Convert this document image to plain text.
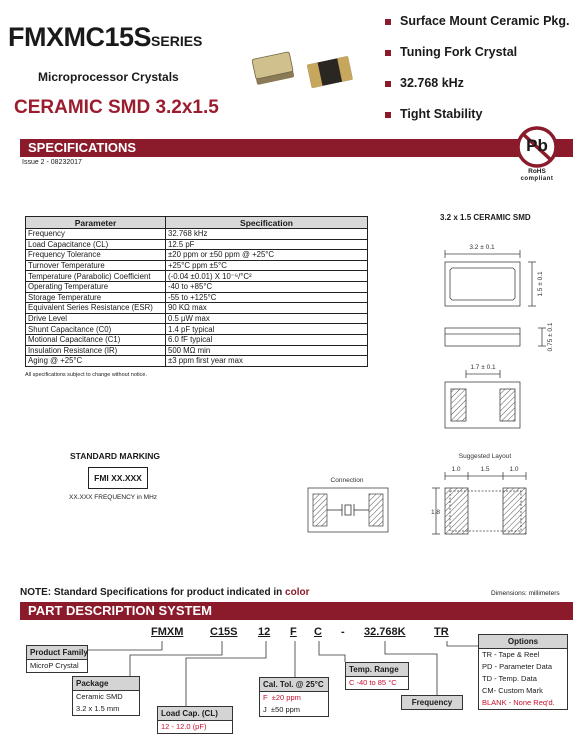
FMXMC15SSERIES
Microprocessor Crystals
CERAMIC SMD 3.2x1.5
Surface Mount Ceramic Pkg.
Tuning Fork Crystal
32.768 kHz
Tight Stability
SPECIFICATIONS
Issue 2 - 08232017
Pb
RoHS
compliant
Parameter	Specification
Frequency	32.768 kHz
Load Capacitance (CL)	12.5 pF
Frequency Tolerance	±20 ppm or ±50 ppm @ +25°C
Turnover Temperature	+25°C ppm ±5°C
Temperature (Parabolic) Coefficient	(-0.04 ±0.01) X 10⁻⁶/°C²
Operating Temperature	-40 to +85°C
Storage Temperature	-55 to +125°C
Equivalent Series Resistance (ESR)	90 KΩ max
Drive Level	0.5 μW max
Shunt Capacitance (C0)	1.4 pF typical
Motional Capacitance (C1)	6.0 fF typical
Insulation Resistance (IR)	500 MΩ min
Aging @ +25°C	±3 ppm first year max
All specifications subject to change without notice.
3.2 x 1.5 CERAMIC SMD
3.2 ± 0.1
1.5 ± 0.1
0.75 ± 0.1
1.7 ± 0.1
Suggested Layout
1.0	1.5	1.0
1.8
Connection
STANDARD MARKING
FMI XX.XXX
XX.XXX FREQUENCY in MHz
NOTE: Standard Specifications for product indicated in color	Dimensions: millimeters
PART DESCRIPTION SYSTEM
FMXM C15S 12 F C - 32.768K	TR
Product Family
MicroP Crystal
Package
Ceramic SMD
3.2 x 1.5 mm
Load Cap. (CL)
12 - 12.0 (pF)
Cal. Tol. @ 25°C
F ±20 ppm
J ±50 ppm
Temp. Range
C -40 to 85 °C
Frequency
Options
TR - Tape & Reel
PD - Parameter Data
TD - Temp. Data
CM- Custom Mark
BLANK - None Req'd.
